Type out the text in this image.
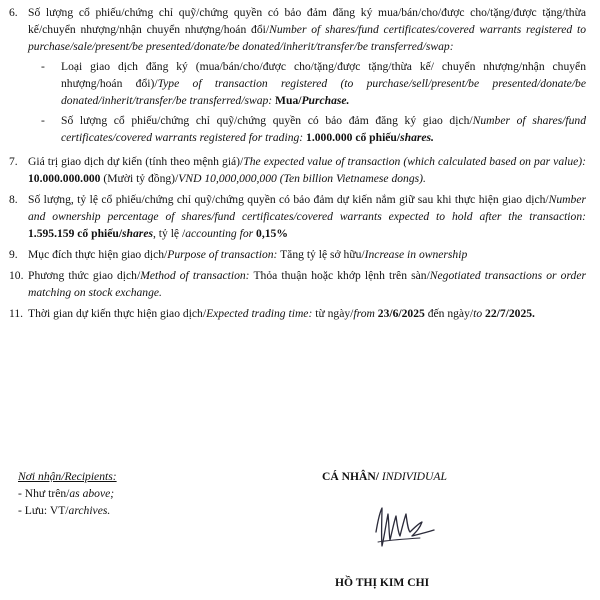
6. Số lượng cổ phiếu/chứng chỉ quỹ/chứng quyền có bảo đảm đăng ký mua/bán/cho/được cho/tặng/được tặng/thừa kế/chuyển nhượng/nhận chuyển nhượng/hoán đổi/Number of shares/fund certificates/covered warrants registered to purchase/sale/present/be presented/donate/be donated/inherit/transfer/be transferred/swap:
-	Loại giao dịch đăng ký (mua/bán/cho/được cho/tặng/được tặng/thừa kế/ chuyển nhượng/nhận chuyển nhượng/hoán đổi)/Type of transaction registered (to purchase/sell/present/be presented/donate/be donated/inherit/transfer/be transferred/swap: Mua/Purchase.
-	Số lượng cổ phiếu/chứng chỉ quỹ/chứng quyền có bảo đảm đăng ký giao dịch/Number of shares/fund certificates/covered warrants registered for trading: 1.000.000 cổ phiếu/shares.
7. Giá trị giao dịch dự kiến (tính theo mệnh giá)/The expected value of transaction (which calculated based on par value): 10.000.000.000 (Mười tỷ đồng)/VND 10,000,000,000 (Ten billion Vietnamese dongs).
8. Số lượng, tỷ lệ cổ phiếu/chứng chỉ quỹ/chứng quyền có bảo đảm dự kiến nắm giữ sau khi thực hiện giao dịch/Number and ownership percentage of shares/fund certificates/covered warrants expected to hold after the transaction: 1.595.159 cổ phiếu/shares, tỷ lệ /accounting for 0,15%
9. Mục đích thực hiện giao dịch/Purpose of transaction: Tăng tỷ lệ sở hữu/Increase in ownership
10. Phương thức giao dịch/Method of transaction: Thỏa thuận hoặc khớp lệnh trên sàn/Negotiated transactions or order matching on stock exchange.
11. Thời gian dự kiến thực hiện giao dịch/Expected trading time: từ ngày/from 23/6/2025 đến ngày/to 22/7/2025.
Nơi nhận/Recipients:
- Như trên/as above;
- Lưu: VT/archives.
CÁ NHÂN/ INDIVIDUAL
HỒ THỊ KIM CHI
